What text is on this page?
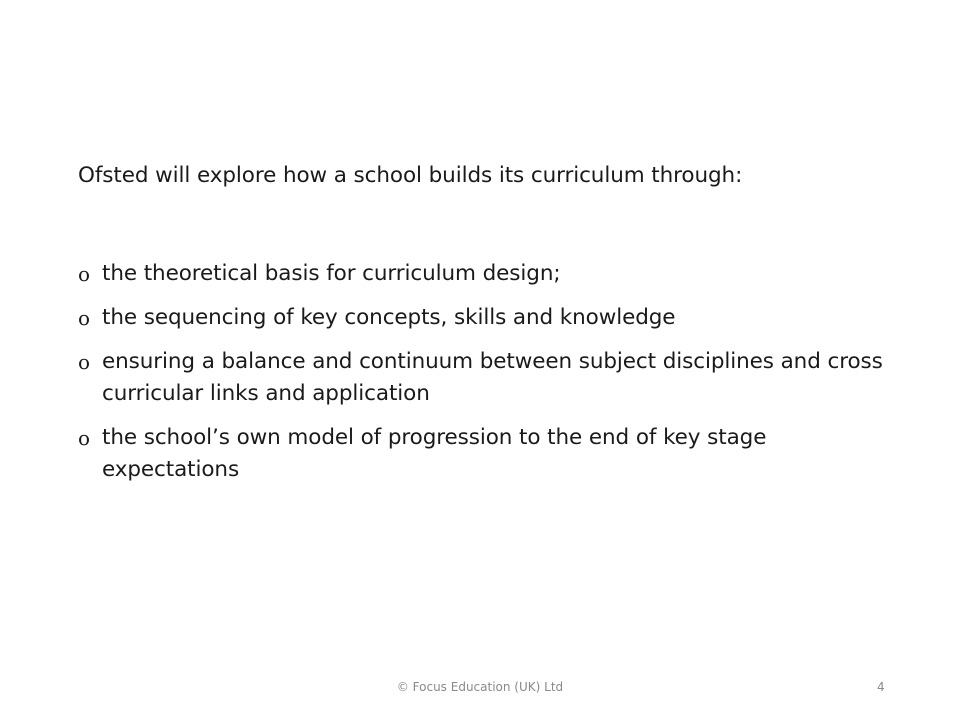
Ofsted will explore how a school builds its curriculum through:
o the theoretical basis for curriculum design;
o the sequencing of key concepts, skills and knowledge
o ensuring a balance and continuum between subject disciplines and cross curricular links and application
o the school’s own model of progression to the end of key stage expectations
© Focus Education (UK) Ltd	4
